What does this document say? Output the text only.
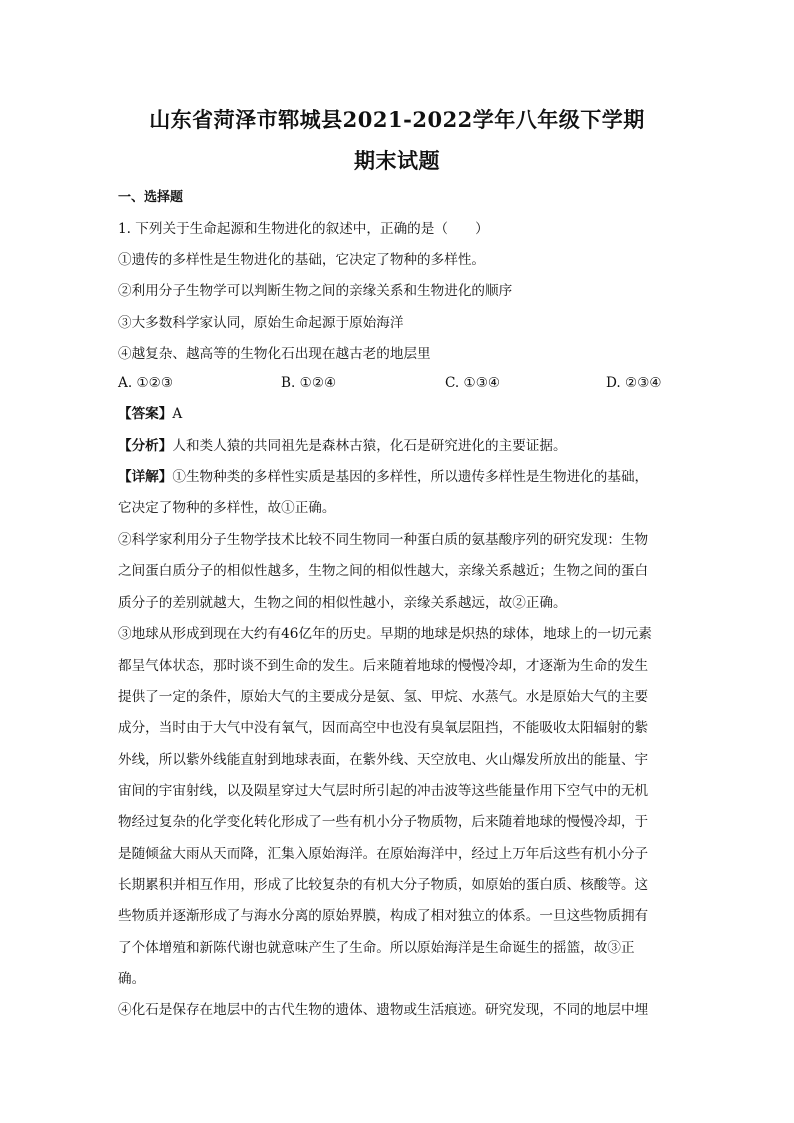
山东省菏泽市郓城县2021-2022学年八年级下学期
期末试题
一、选择题
1. 下列关于生命起源和生物进化的叙述中，正确的是（　　）
①遗传的多样性是生物进化的基础，它决定了物种的多样性。
②利用分子生物学可以判断生物之间的亲缘关系和生物进化的顺序
③大多数科学家认同，原始生命起源于原始海洋
④越复杂、越高等的生物化石出现在越古老的地层里
A. ①②③	B. ①②④	C. ①③④	D. ②③④
【答案】A
【分析】人和类人猿的共同祖先是森林古猿，化石是研究进化的主要证据。
【详解】①生物种类的多样性实质是基因的多样性，所以遗传多样性是生物进化的基础，
它决定了物种的多样性，故①正确。
②科学家利用分子生物学技术比较不同生物同一种蛋白质的氨基酸序列的研究发现：生物
之间蛋白质分子的相似性越多，生物之间的相似性越大，亲缘关系越近；生物之间的蛋白
质分子的差别就越大，生物之间的相似性越小，亲缘关系越远，故②正确。
③地球从形成到现在大约有46亿年的历史。早期的地球是炽热的球体，地球上的一切元素
都呈气体状态，那时谈不到生命的发生。后来随着地球的慢慢冷却，才逐渐为生命的发生
提供了一定的条件，原始大气的主要成分是氨、氢、甲烷、水蒸气。水是原始大气的主要
成分，当时由于大气中没有氧气，因而高空中也没有臭氧层阻挡，不能吸收太阳辐射的紫
外线，所以紫外线能直射到地球表面，在紫外线、天空放电、火山爆发所放出的能量、宇
宙间的宇宙射线，以及陨星穿过大气层时所引起的冲击波等这些能量作用下空气中的无机
物经过复杂的化学变化转化形成了一些有机小分子物质物，后来随着地球的慢慢冷却，于
是随倾盆大雨从天而降，汇集入原始海洋。在原始海洋中，经过上万年后这些有机小分子
长期累积并相互作用，形成了比较复杂的有机大分子物质，如原始的蛋白质、核酸等。这
些物质并逐渐形成了与海水分离的原始界膜，构成了相对独立的体系。一旦这些物质拥有
了个体增殖和新陈代谢也就意味产生了生命。所以原始海洋是生命诞生的摇篮，故③正
确。
④化石是保存在地层中的古代生物的遗体、遗物或生活痕迹。研究发现，不同的地层中埋
